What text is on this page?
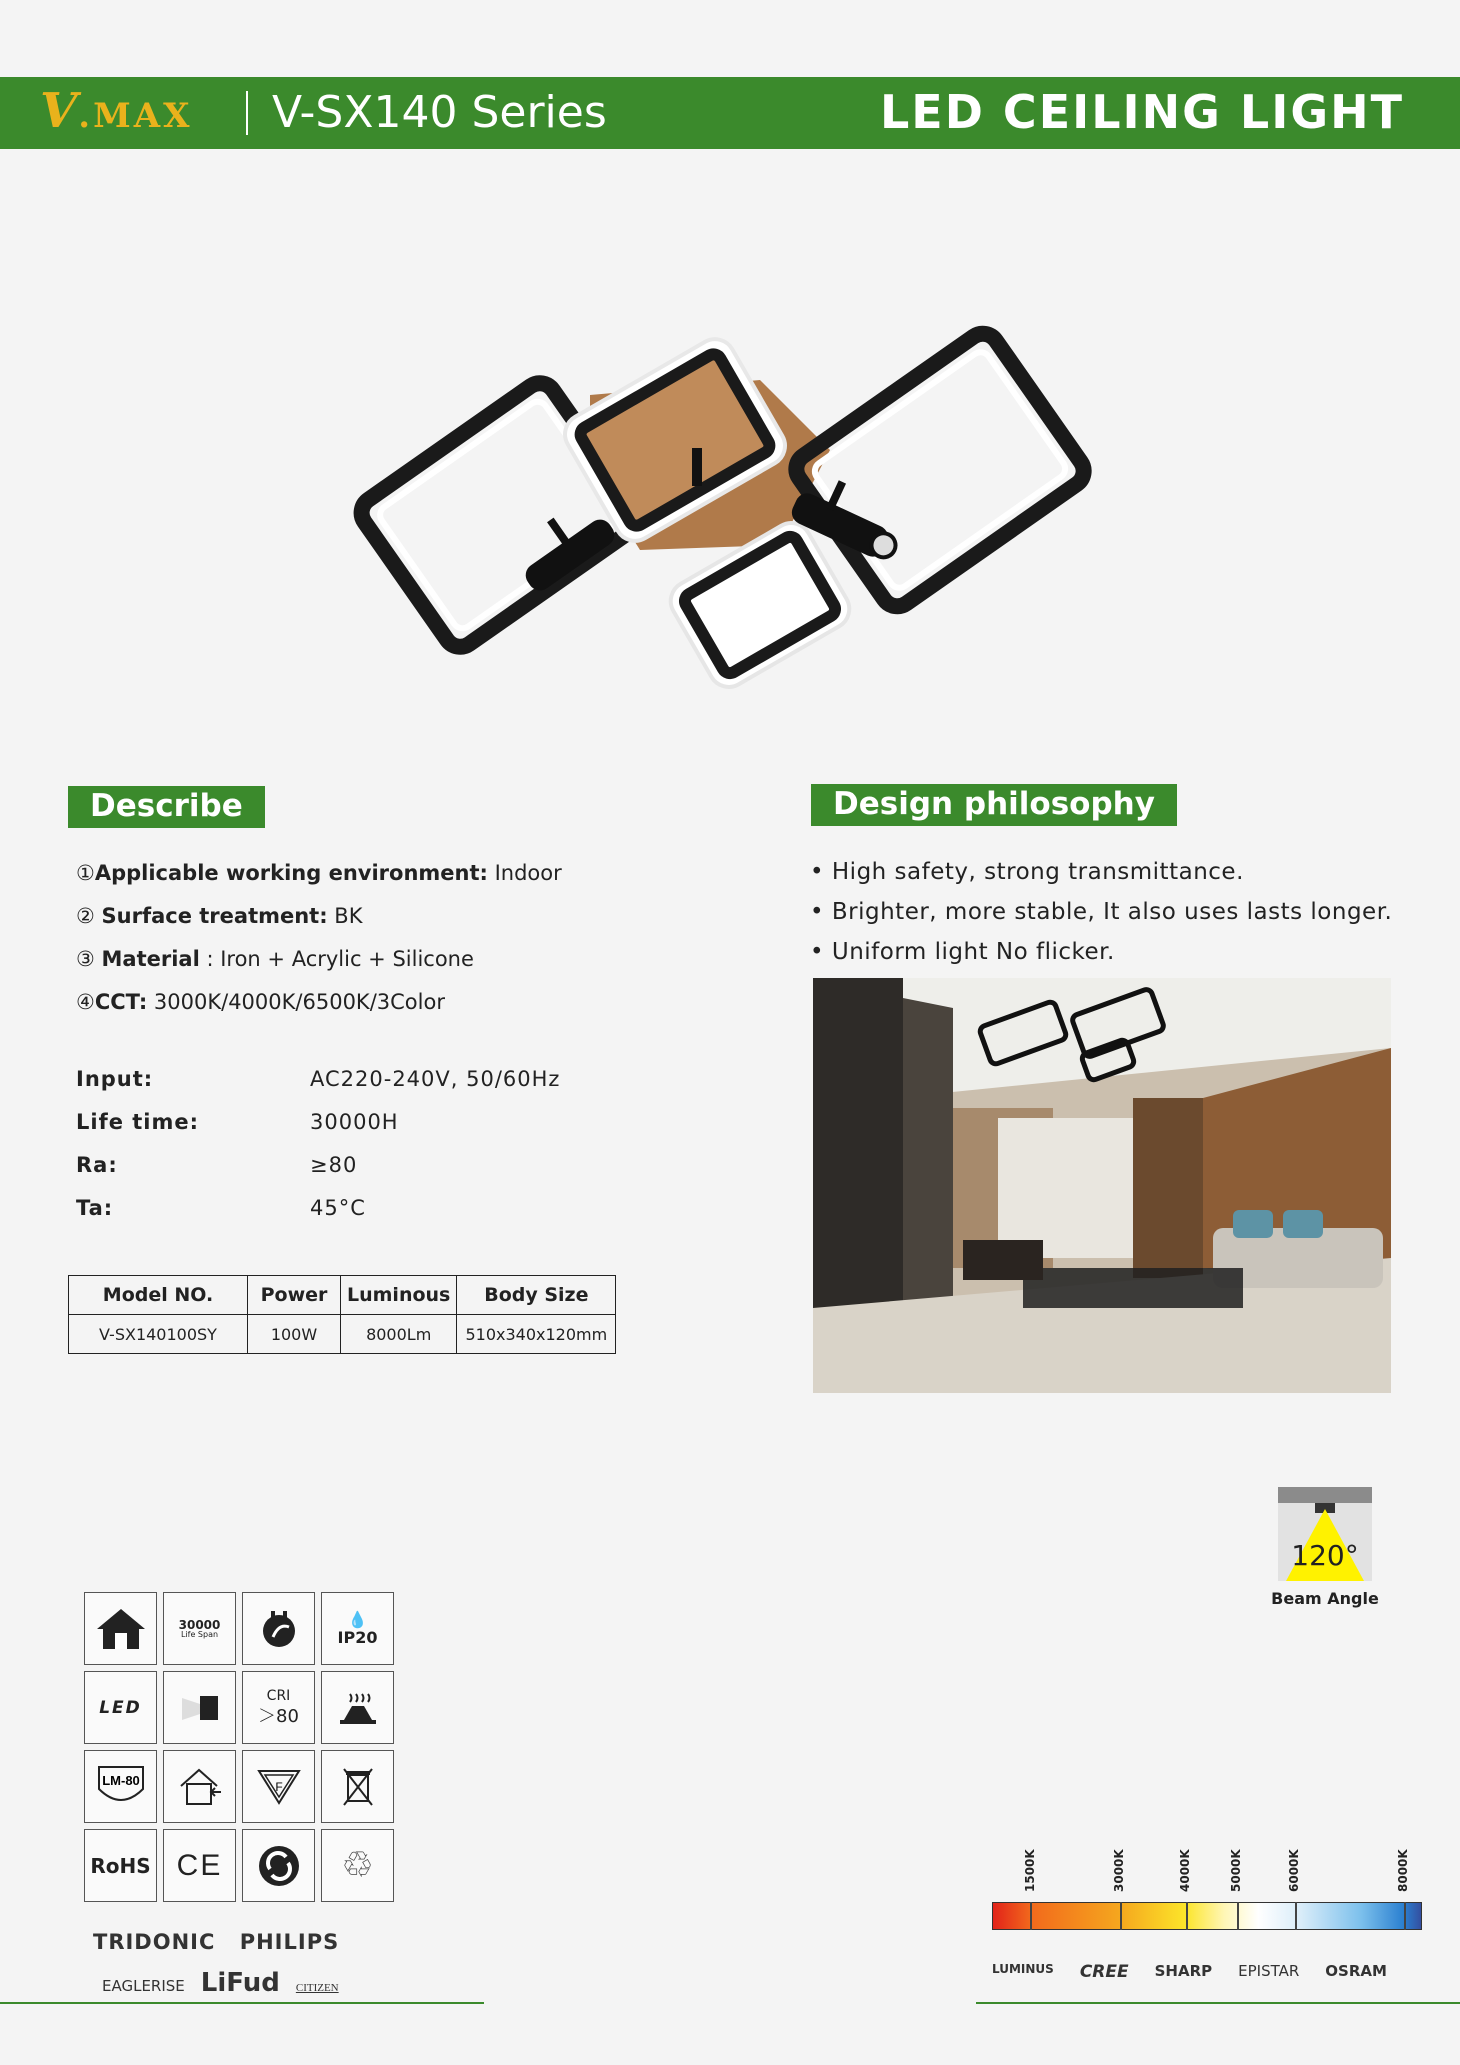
V.MAX V-SX140 Series	LED CEILING LIGHT
Describe
①Applicable working environment: Indoor
② Surface treatment: BK
③ Material : Iron + Acrylic + Silicone
④CCT: 3000K/4000K/6500K/3Color
Input:	AC220-240V, 50/60Hz
Life time:	30000H
Ra:	≥80
Ta:	45°C
Model NO.	Power	Luminous	Body Size
V-SX140100SY	100W	8000Lm	510x340x120mm
Design philosophy
• High safety, strong transmittance.
• Brighter, more stable, It also uses lasts longer.
• Uniform light No flicker.
120°
Beam Angle
30000
Life Span
💧
IP20
LED
CRI
＞80
LM-80	F
RoHS CE	♲
TRIDONIC PHILIPS
EAGLERISE LiFud CITIZEN
1500K	3000K	4000K	5000K	6000K	8000K
LUMINUS CREE SHARP EPISTAR OSRAM
